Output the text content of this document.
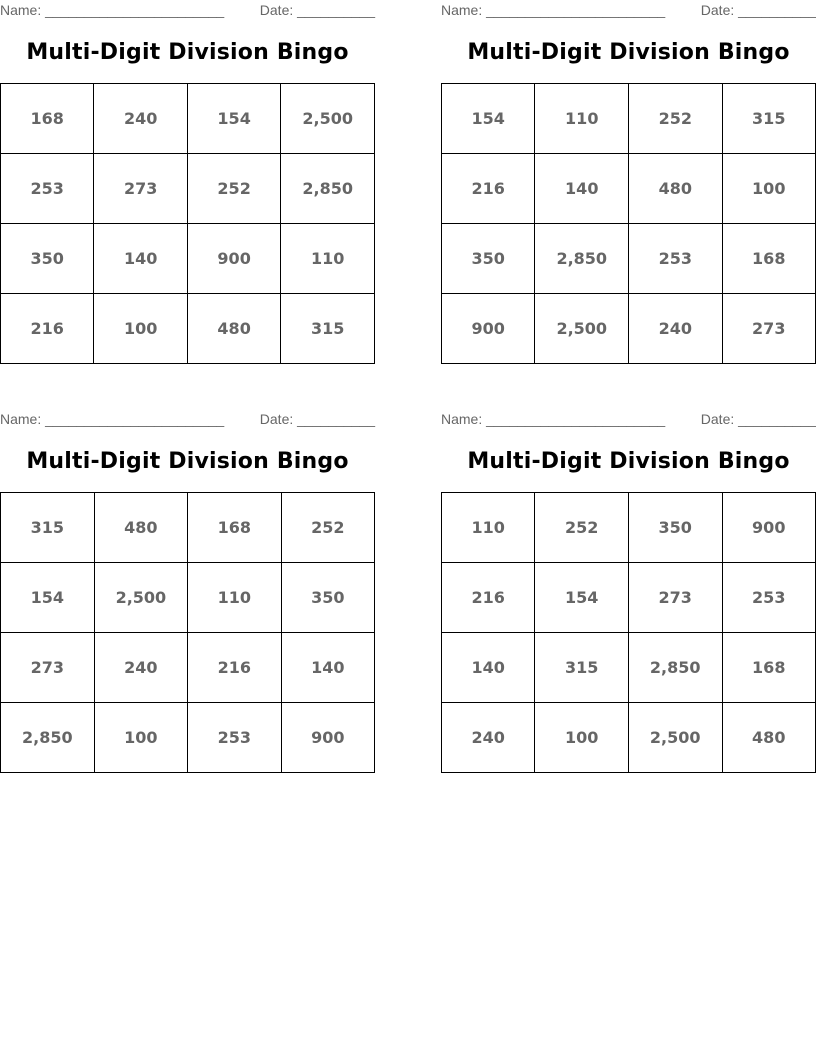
Name: _______________________	Date: __________
Multi-Digit Division Bingo
168	240	154	2,500
253	273	252	2,850
350	140	900	110
216	100	480	315
Name: _______________________	Date: __________
Multi-Digit Division Bingo
154	110	252	315
216	140	480	100
350	2,850	253	168
900	2,500	240	273
Name: _______________________	Date: __________
Multi-Digit Division Bingo
315	480	168	252
154	2,500	110	350
273	240	216	140
2,850	100	253	900
Name: _______________________	Date: __________
Multi-Digit Division Bingo
110	252	350	900
216	154	273	253
140	315	2,850	168
240	100	2,500	480
